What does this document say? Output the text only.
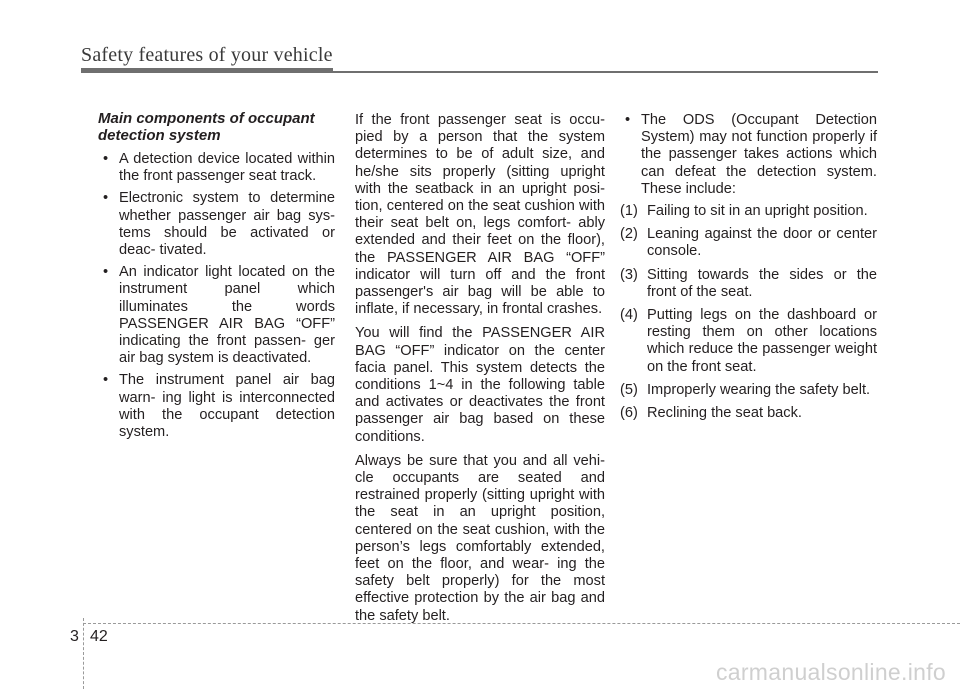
Safety features of your vehicle
Main components of occupant detection system
• A detection device located within the front passenger seat track.
• Electronic system to determine whether passenger air bag sys- tems should be activated or deac- tivated.
• An indicator light located on the instrument panel which illuminates the words PASSENGER AIR BAG “OFF” indicating the front passen- ger air bag system is deactivated.
• The instrument panel air bag warn- ing light is interconnected with the occupant detection system.

If the front passenger seat is occu- pied by a person that the system determines to be of adult size, and he/she sits properly (sitting upright with the seatback in an upright posi- tion, centered on the seat cushion with their seat belt on, legs comfort- ably extended and their feet on the floor), the PASSENGER AIR BAG “OFF” indicator will turn off and the front passenger's air bag will be able to inflate, if necessary, in frontal crashes.

You will find the PASSENGER AIR BAG “OFF” indicator on the center facia panel. This system detects the conditions 1~4 in the following table and activates or deactivates the front passenger air bag based on these conditions.

Always be sure that you and all vehi- cle occupants are seated and restrained properly (sitting upright with the seat in an upright position, centered on the seat cushion, with the person’s legs comfortably extended, feet on the floor, and wear- ing the safety belt properly) for the most effective protection by the air bag and the safety belt.

• The ODS (Occupant Detection System) may not function properly if the passenger takes actions which can defeat the detection system. These include:
(1) Failing to sit in an upright position.
(2) Leaning against the door or center console.
(3) Sitting towards the sides or the front of the seat.
(4) Putting legs on the dashboard or resting them on other locations which reduce the passenger weight on the front seat.
(5) Improperly wearing the safety belt.
(6) Reclining the seat back.
3 42
carmanualsonline.info
